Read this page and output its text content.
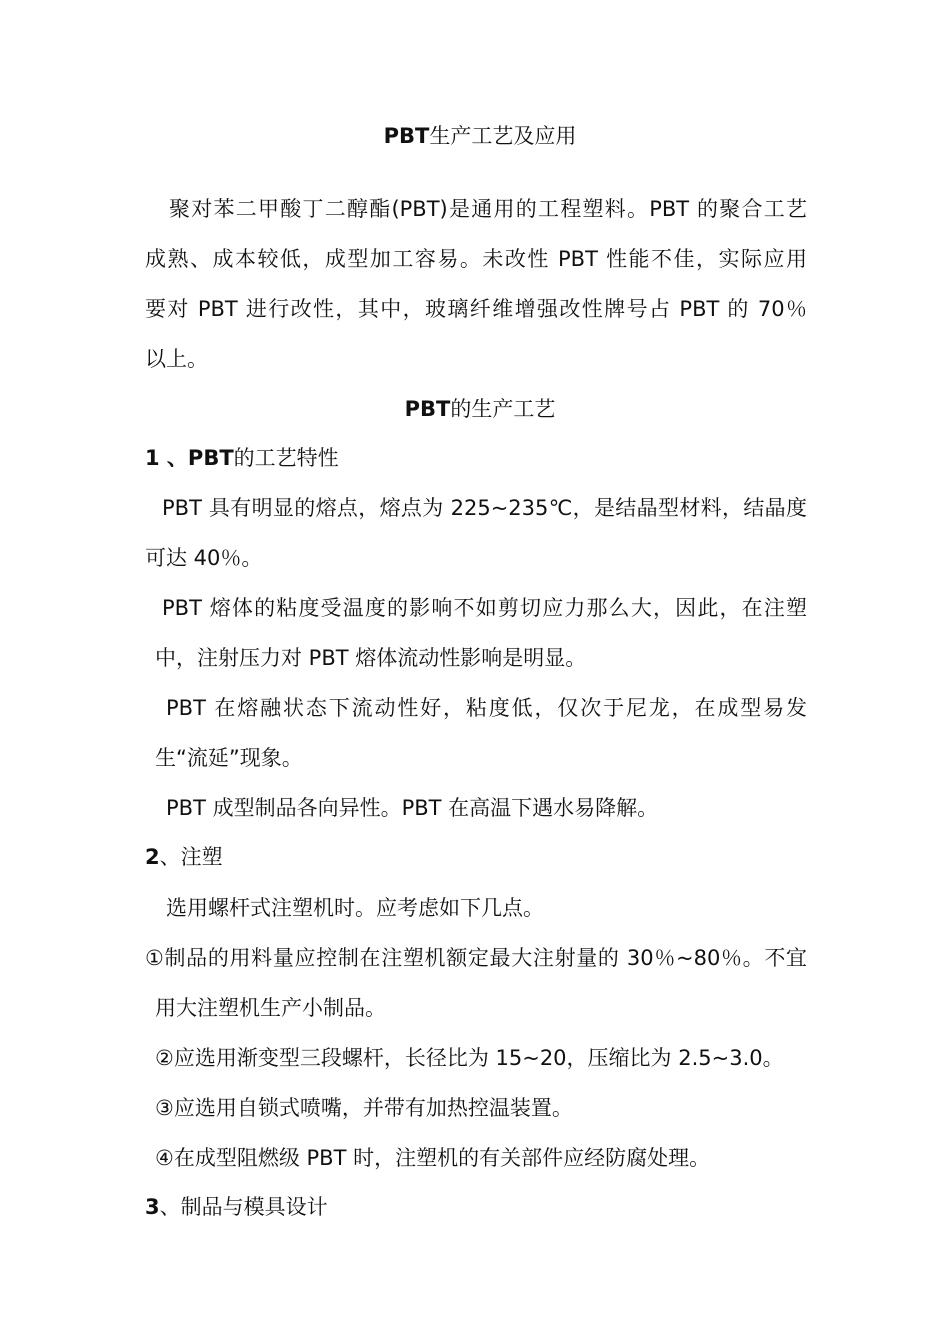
PBT生产工艺及应用
聚对苯二甲酸丁二醇酯(PBT)是通用的工程塑料。PBT 的聚合工艺
成熟、成本较低，成型加工容易。未改性 PBT 性能不佳，实际应用
要对 PBT 进行改性，其中，玻璃纤维增强改性牌号占 PBT 的 70％
以上。
PBT的生产工艺
1 、PBT的工艺特性
PBT 具有明显的熔点，熔点为 225~235℃，是结晶型材料，结晶度
可达 40％。
PBT 熔体的粘度受温度的影响不如剪切应力那么大，因此，在注塑
中，注射压力对 PBT 熔体流动性影响是明显。
PBT 在熔融状态下流动性好，粘度低，仅次于尼龙，在成型易发
生“流延”现象。
PBT 成型制品各向异性。PBT 在高温下遇水易降解。
2、注塑
选用螺杆式注塑机时。应考虑如下几点。
①制品的用料量应控制在注塑机额定最大注射量的 30％~80％。不宜
用大注塑机生产小制品。
②应选用渐变型三段螺杆，长径比为 15~20，压缩比为 2.5~3.0。
③应选用自锁式喷嘴，并带有加热控温装置。
④在成型阻燃级 PBT 时，注塑机的有关部件应经防腐处理。
3、制品与模具设计
